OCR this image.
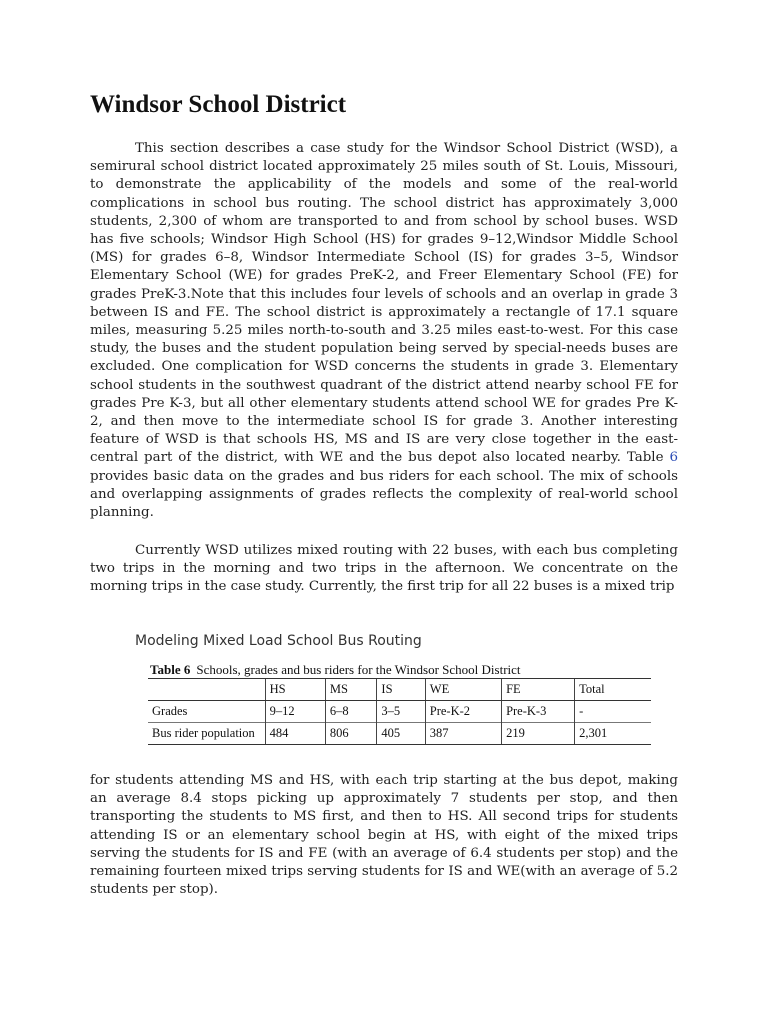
Windsor School District

This section describes a case study for the Windsor School District (WSD), a semirural school district located approximately 25 miles south of St. Louis, Missouri, to demonstrate the applicability of the models and some of the real-world complications in school bus routing. The school district has approximately 3,000 students, 2,300 of whom are transported to and from school by school buses. WSD has five schools; Windsor High School (HS) for grades 9–12,Windsor Middle School (MS) for grades 6–8, Windsor Intermediate School (IS) for grades 3–5, Windsor Elementary School (WE) for grades PreK-2, and Freer Elementary School (FE) for grades PreK-3.Note that this includes four levels of schools and an overlap in grade 3 between IS and FE. The school district is approximately a rectangle of 17.1 square miles, measuring 5.25 miles north-to-south and 3.25 miles east-to-west. For this case study, the buses and the student population being served by special-needs buses are excluded. One complication for WSD concerns the students in grade 3. Elementary school students in the southwest quadrant of the district attend nearby school FE for grades Pre K-3, but all other elementary students attend school WE for grades Pre K-2, and then move to the intermediate school IS for grade 3. Another interesting feature of WSD is that schools HS, MS and IS are very close together in the east-central part of the district, with WE and the bus depot also located nearby. Table 6 provides basic data on the grades and bus riders for each school. The mix of schools and overlapping assignments of grades reflects the complexity of real-world school planning.

Currently WSD utilizes mixed routing with 22 buses, with each bus completing two trips in the morning and two trips in the afternoon. We concentrate on the morning trips in the case study. Currently, the first trip for all 22 buses is a mixed trip

Modeling Mixed Load School Bus Routing

Table 6 Schools, grades and bus riders for the Windsor School District

	HS	MS	IS	WE	FE	Total
Grades	9–12	6–8	3–5	Pre-K-2	Pre-K-3	-
Bus rider population	484	806	405	387	219	2,301

for students attending MS and HS, with each trip starting at the bus depot, making an average 8.4 stops picking up approximately 7 students per stop, and then transporting the students to MS first, and then to HS. All second trips for students attending IS or an elementary school begin at HS, with eight of the mixed trips serving the students for IS and FE (with an average of 6.4 students per stop) and the remaining fourteen mixed trips serving students for IS and WE(with an average of 5.2 students per stop).
